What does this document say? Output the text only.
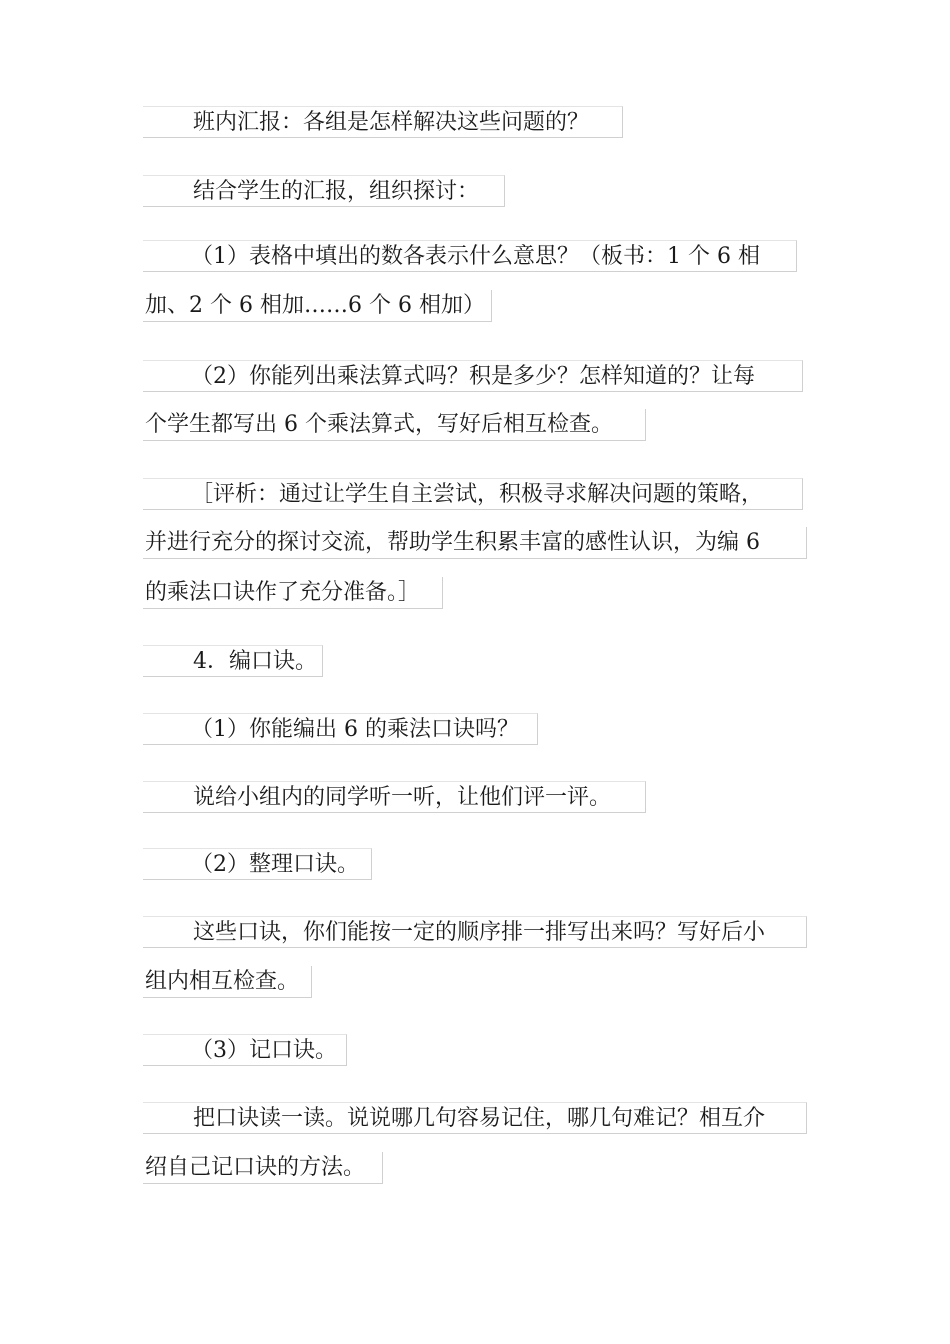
班内汇报：各组是怎样解决这些问题的？
结合学生的汇报，组织探讨：
（1）表格中填出的数各表示什么意思？（板书：1 个 6 相
加、2 个 6 相加……6 个 6 相加）
（2）你能列出乘法算式吗？积是多少？怎样知道的？让每
个学生都写出 6 个乘法算式，写好后相互检查。
［评析：通过让学生自主尝试，积极寻求解决问题的策略，
并进行充分的探讨交流，帮助学生积累丰富的感性认识，为编 6
的乘法口诀作了充分准备。］
4．编口诀。
（1）你能编出 6 的乘法口诀吗？
说给小组内的同学听一听，让他们评一评。
（2）整理口诀。
这些口诀，你们能按一定的顺序排一排写出来吗？写好后小
组内相互检查。
（3）记口诀。
把口诀读一读。说说哪几句容易记住，哪几句难记？相互介
绍自己记口诀的方法。
